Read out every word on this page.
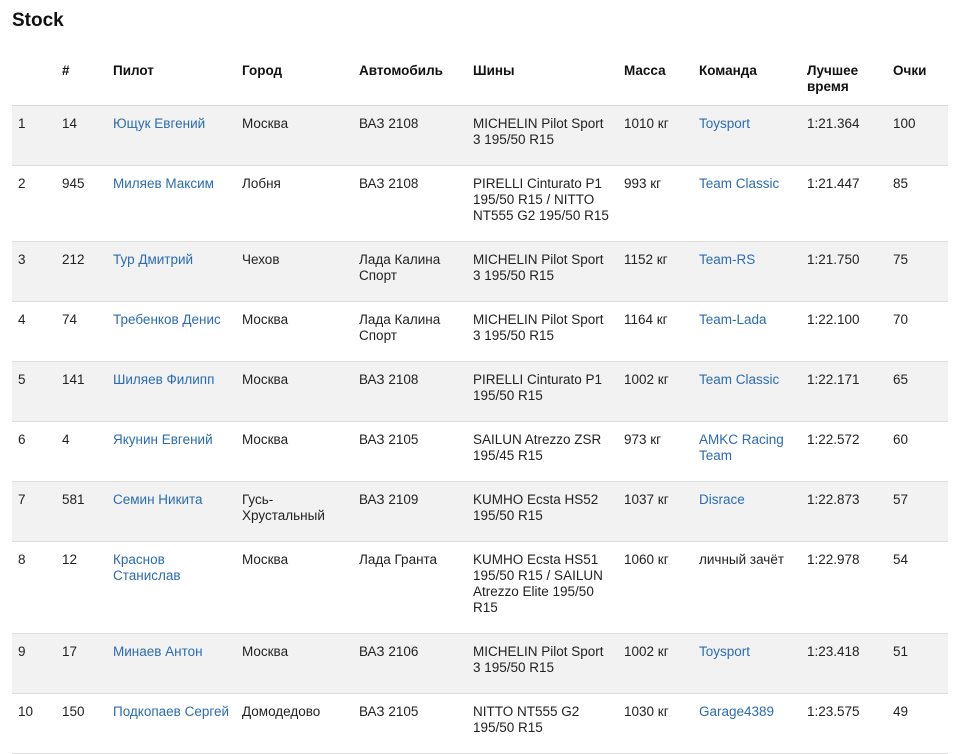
Stock
	#	Пилот	Город	Автомобиль	Шины	Масса	Команда	Лучшее время	Очки
1	14	Ющук Евгений	Москва	ВАЗ 2108	MICHELIN Pilot Sport 3 195/50 R15	1010 кг	Toysport	1:21.364	100
2	945	Миляев Максим	Лобня	ВАЗ 2108	PIRELLI Cinturato P1 195/50 R15 / NITTO NT555 G2 195/50 R15	993 кг	Team Classic	1:21.447	85
3	212	Тур Дмитрий	Чехов	Лада Калина Спорт	MICHELIN Pilot Sport 3 195/50 R15	1152 кг	Team-RS	1:21.750	75
4	74	Требенков Денис	Москва	Лада Калина Спорт	MICHELIN Pilot Sport 3 195/50 R15	1164 кг	Team-Lada	1:22.100	70
5	141	Шиляев Филипп	Москва	ВАЗ 2108	PIRELLI Cinturato P1 195/50 R15	1002 кг	Team Classic	1:22.171	65
6	4	Якунин Евгений	Москва	ВАЗ 2105	SAILUN Atrezzo ZSR 195/45 R15	973 кг	AMKC Racing Team	1:22.572	60
7	581	Семин Никита	Гусь-Хрустальный	ВАЗ 2109	KUMHO Ecsta HS52 195/50 R15	1037 кг	Disrace	1:22.873	57
8	12	Краснов Станислав	Москва	Лада Гранта	KUMHO Ecsta HS51 195/50 R15 / SAILUN Atrezzo Elite 195/50 R15	1060 кг	личный зачёт	1:22.978	54
9	17	Минаев Антон	Москва	ВАЗ 2106	MICHELIN Pilot Sport 3 195/50 R15	1002 кг	Toysport	1:23.418	51
10	150	Подкопаев Сергей	Домодедово	ВАЗ 2105	NITTO NT555 G2 195/50 R15	1030 кг	Garage4389	1:23.575	49
